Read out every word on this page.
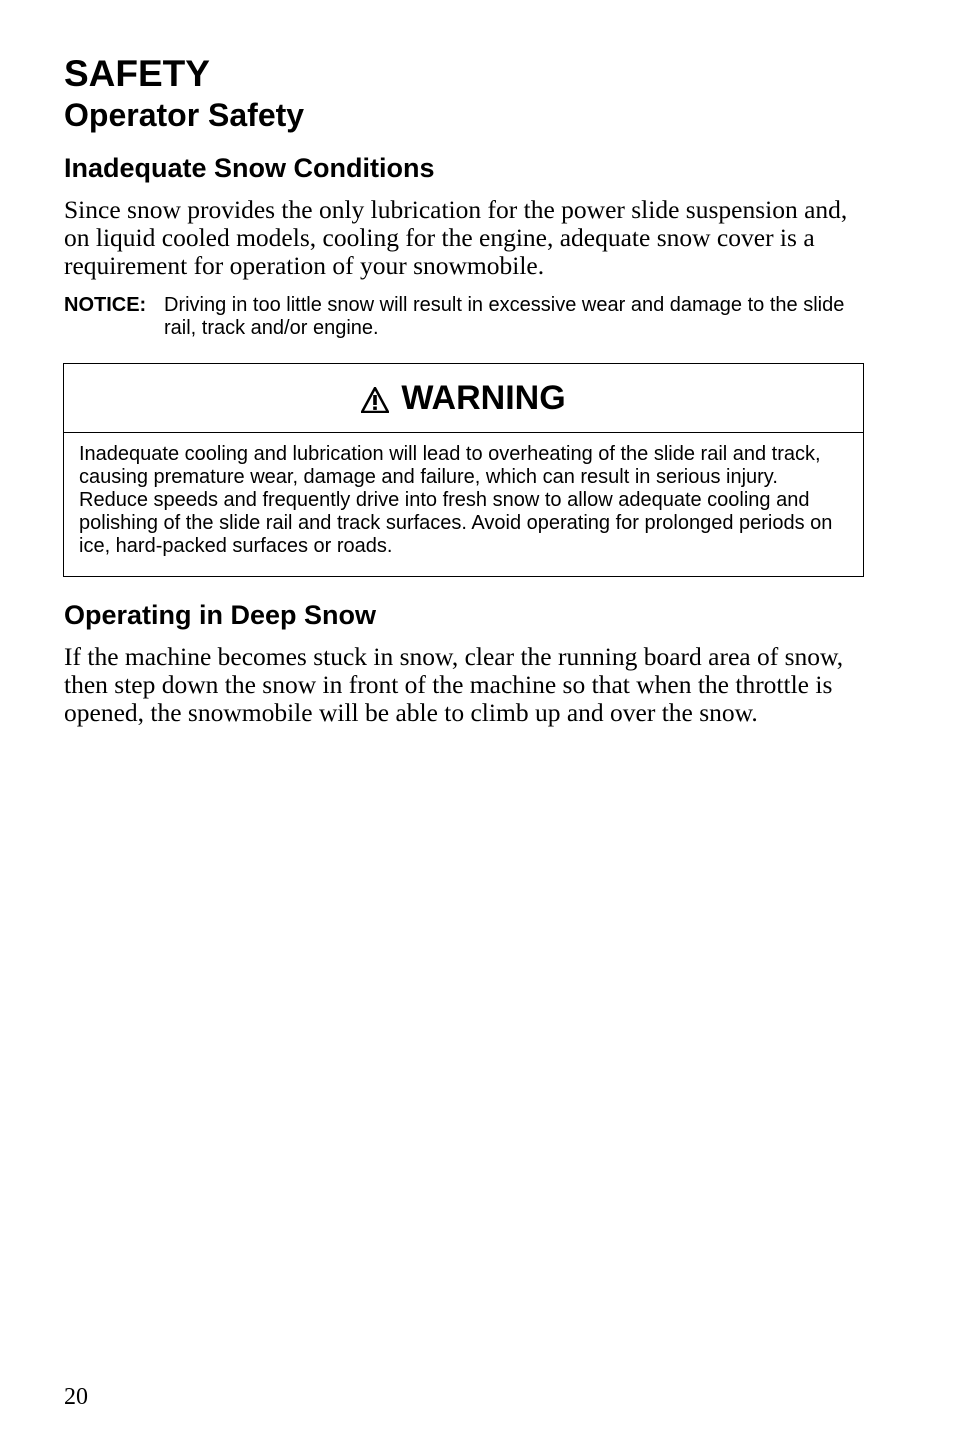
SAFETY
Operator Safety
Inadequate Snow Conditions

Since snow provides the only lubrication for the power slide suspension and, on liquid cooled models, cooling for the engine, adequate snow cover is a requirement for operation of your snowmobile.

NOTICE: Driving in too little snow will result in excessive wear and damage to the slide rail, track and/or engine.
WARNING
Inadequate cooling and lubrication will lead to overheating of the slide rail and track, causing premature wear, damage and failure, which can result in serious injury. Reduce speeds and frequently drive into fresh snow to allow adequate cooling and polishing of the slide rail and track surfaces. Avoid operating for prolonged periods on ice, hard-packed surfaces or roads.
Operating in Deep Snow

If the machine becomes stuck in snow, clear the running board area of snow, then step down the snow in front of the machine so that when the throttle is opened, the snowmobile will be able to climb up and over the snow.

20
